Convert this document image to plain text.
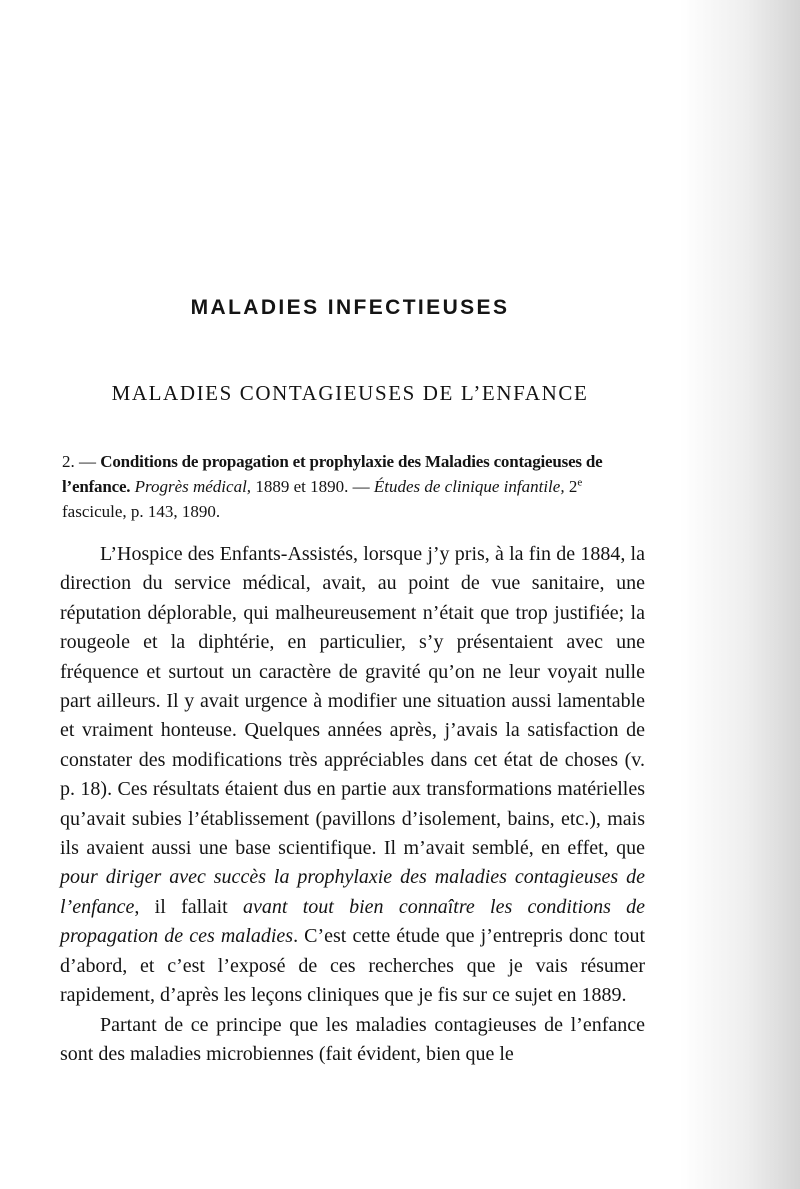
MALADIES INFECTIEUSES
MALADIES CONTAGIEUSES DE L’ENFANCE
2. — Conditions de propagation et prophylaxie des Maladies contagieuses de l’enfance. Progrès médical, 1889 et 1890. — Études de clinique infantile, 2e fascicule, p. 143, 1890.

L’Hospice des Enfants-Assistés, lorsque j’y pris, à la fin de 1884, la direction du service médical, avait, au point de vue sanitaire, une réputation déplorable, qui malheureusement n’était que trop justifiée; la rougeole et la diphtérie, en particulier, s’y présentaient avec une fréquence et surtout un caractère de gravité qu’on ne leur voyait nulle part ailleurs. Il y avait urgence à modifier une situation aussi lamentable et vraiment honteuse. Quelques années après, j’avais la satisfaction de constater des modifications très appréciables dans cet état de choses (v. p. 18). Ces résultats étaient dus en partie aux transformations matérielles qu’avait subies l’établissement (pavillons d’isolement, bains, etc.), mais ils avaient aussi une base scientifique. Il m’avait semblé, en effet, que pour diriger avec succès la prophylaxie des maladies contagieuses de l’enfance, il fallait avant tout bien connaître les conditions de propagation de ces maladies. C’est cette étude que j’entrepris donc tout d’abord, et c’est l’exposé de ces recherches que je vais résumer rapidement, d’après les leçons cliniques que je fis sur ce sujet en 1889.

Partant de ce principe que les maladies contagieuses de l’enfance sont des maladies microbiennes (fait évident, bien que le
